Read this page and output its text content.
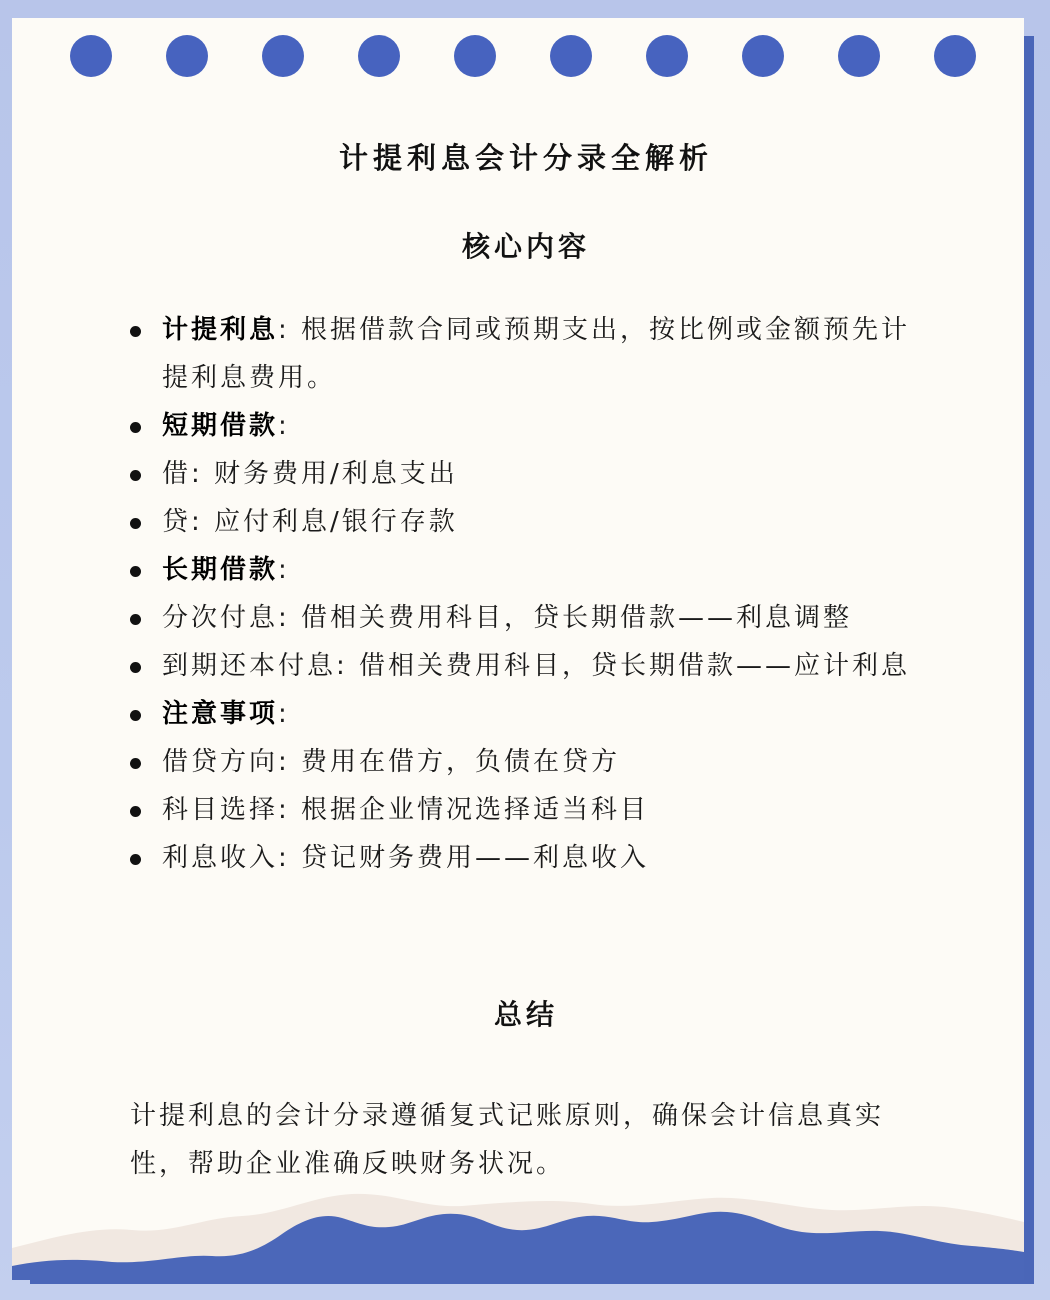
计提利息会计分录全解析
核心内容
计提利息: 根据借款合同或预期支出，按比例或金额预先计提利息费用。
短期借款:
借: 财务费用/利息支出
贷: 应付利息/银行存款
长期借款:
分次付息: 借相关费用科目，贷长期借款——利息调整
到期还本付息: 借相关费用科目，贷长期借款——应计利息
注意事项:
借贷方向: 费用在借方，负债在贷方
科目选择: 根据企业情况选择适当科目
利息收入: 贷记财务费用——利息收入
总结
计提利息的会计分录遵循复式记账原则，确保会计信息真实性，帮助企业准确反映财务状况。
